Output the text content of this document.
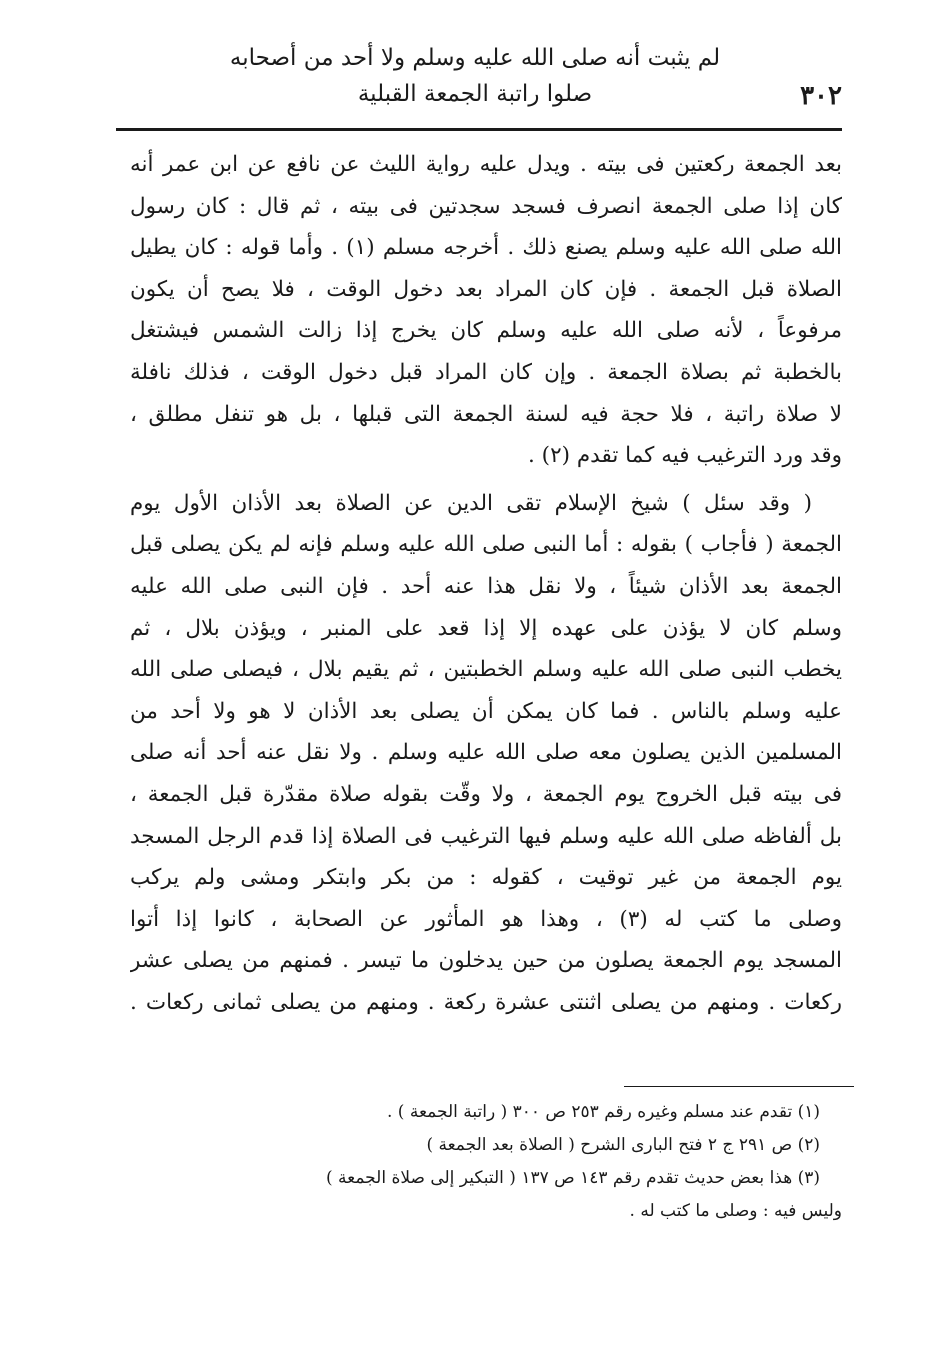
لم يثبت أنه صلى الله عليه وسلم ولا أحد من أصحابه
صلوا راتبة الجمعة القبلية	٣٠٢
بعد الجمعة ركعتين فى بيته . ويدل عليه رواية الليث عن نافع عن ابن عمر أنه
كان إذا صلى الجمعة انصرف فسجد سجدتين فى بيته ، ثم قال : كان رسول
الله صلى الله عليه وسلم يصنع ذلك . أخرجه مسلم (١) . وأما قوله : كان يطيل
الصلاة قبل الجمعة . فإن كان المراد بعد دخول الوقت ، فلا يصح أن يكون
مرفوعاً ، لأنه صلى الله عليه وسلم كان يخرج إذا زالت الشمس فيشتغل
بالخطبة ثم بصلاة الجمعة . وإن كان المراد قبل دخول الوقت ، فذلك نافلة
لا صلاة راتبة ، فلا حجة فيه لسنة الجمعة التى قبلها ، بل هو تنفل مطلق ،
وقد ورد الترغيب فيه كما تقدم (٢) .
( وقد سئل ) شيخ الإسلام تقى الدين عن الصلاة بعد الأذان الأول يوم
الجمعة ( فأجاب ) بقوله : أما النبى صلى الله عليه وسلم فإنه لم يكن يصلى قبل
الجمعة بعد الأذان شيئاً ، ولا نقل هذا عنه أحد . فإن النبى صلى الله عليه
وسلم كان لا يؤذن على عهده إلا إذا قعد على المنبر ، ويؤذن بلال ، ثم
يخطب النبى صلى الله عليه وسلم الخطبتين ، ثم يقيم بلال ، فيصلى صلى الله
عليه وسلم بالناس . فما كان يمكن أن يصلى بعد الأذان لا هو ولا أحد من
المسلمين الذين يصلون معه صلى الله عليه وسلم . ولا نقل عنه أحد أنه صلى
فى بيته قبل الخروج يوم الجمعة ، ولا وقّت بقوله صلاة مقدّرة قبل الجمعة ،
بل ألفاظه صلى الله عليه وسلم فيها الترغيب فى الصلاة إذا قدم الرجل المسجد
يوم الجمعة من غير توقيت ، كقوله : من بكر وابتكر ومشى ولم يركب
وصلى ما كتب له (٣) ، وهذا هو المأثور عن الصحابة ، كانوا إذا أتوا
المسجد يوم الجمعة يصلون من حين يدخلون ما تيسر . فمنهم من يصلى عشر
ركعات . ومنهم من يصلى اثنتى عشرة ركعة . ومنهم من يصلى ثمانى ركعات .
(١) تقدم عند مسلم وغيره رقم ٢٥٣ ص ٣٠٠ ( راتبة الجمعة ) .
(٢) ص ٢٩١ ج ٢ فتح البارى الشرح ( الصلاة بعد الجمعة )
(٣) هذا بعض حديث تقدم رقم ١٤٣ ص ١٣٧ ( التبكير إلى صلاة الجمعة )
وليس فيه : وصلى ما كتب له .
